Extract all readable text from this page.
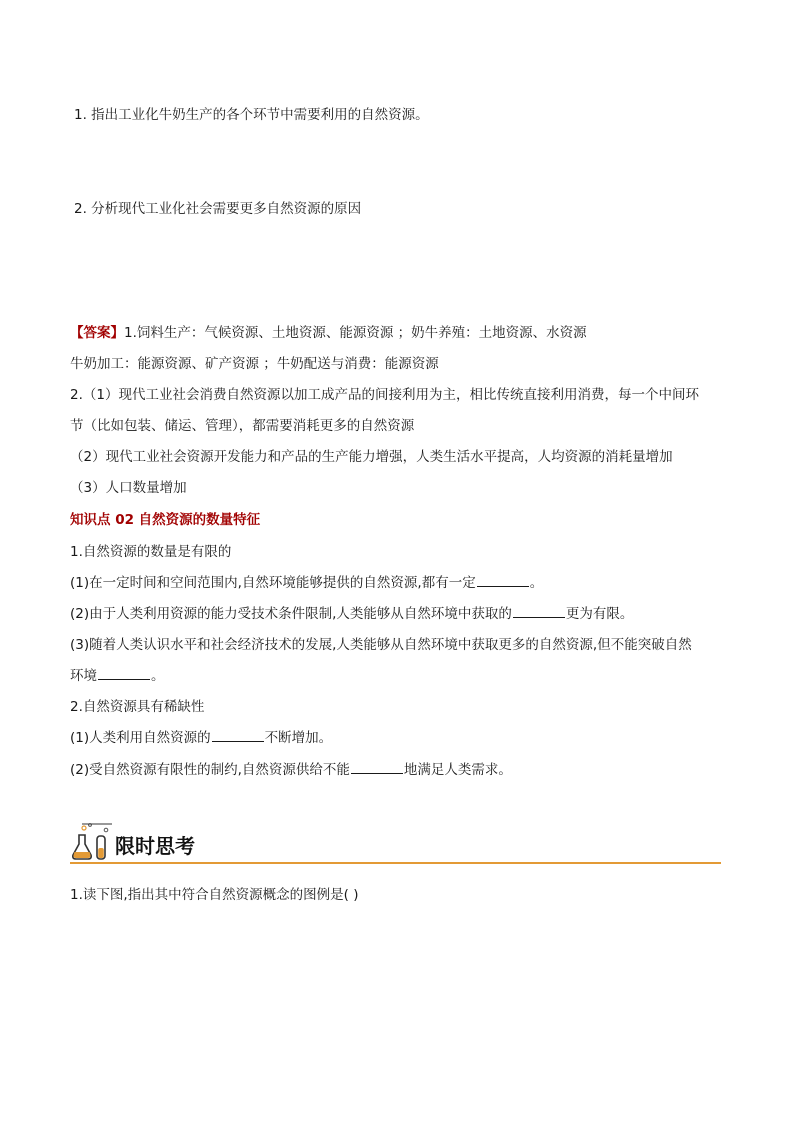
1. 指出工业化牛奶生产的各个环节中需要利用的自然资源。
2. 分析现代工业化社会需要更多自然资源的原因
【答案】1.饲料生产：气候资源、土地资源、能源资源 ；奶牛养殖：土地资源、水资源
牛奶加工：能源资源、矿产资源 ；牛奶配送与消费：能源资源
2.（1）现代工业社会消费自然资源以加工成产品的间接利用为主，相比传统直接利用消费，每一个中间环
节（比如包装、储运、管理），都需要消耗更多的自然资源
（2）现代工业社会资源开发能力和产品的生产能力增强，人类生活水平提高，人均资源的消耗量增加
（3）人口数量增加
知识点 02 自然资源的数量特征
1.自然资源的数量是有限的
(1)在一定时间和空间范围内,自然环境能够提供的自然资源,都有一定	。
(2)由于人类利用资源的能力受技术条件限制,人类能够从自然环境中获取的	更为有限。
(3)随着人类认识水平和社会经济技术的发展,人类能够从自然环境中获取更多的自然资源,但不能突破自然
环境	。
2.自然资源具有稀缺性
(1)人类利用自然资源的	不断增加。
(2)受自然资源有限性的制约,自然资源供给不能	地满足人类需求。
限时思考
1.读下图,指出其中符合自然资源概念的图例是( )
